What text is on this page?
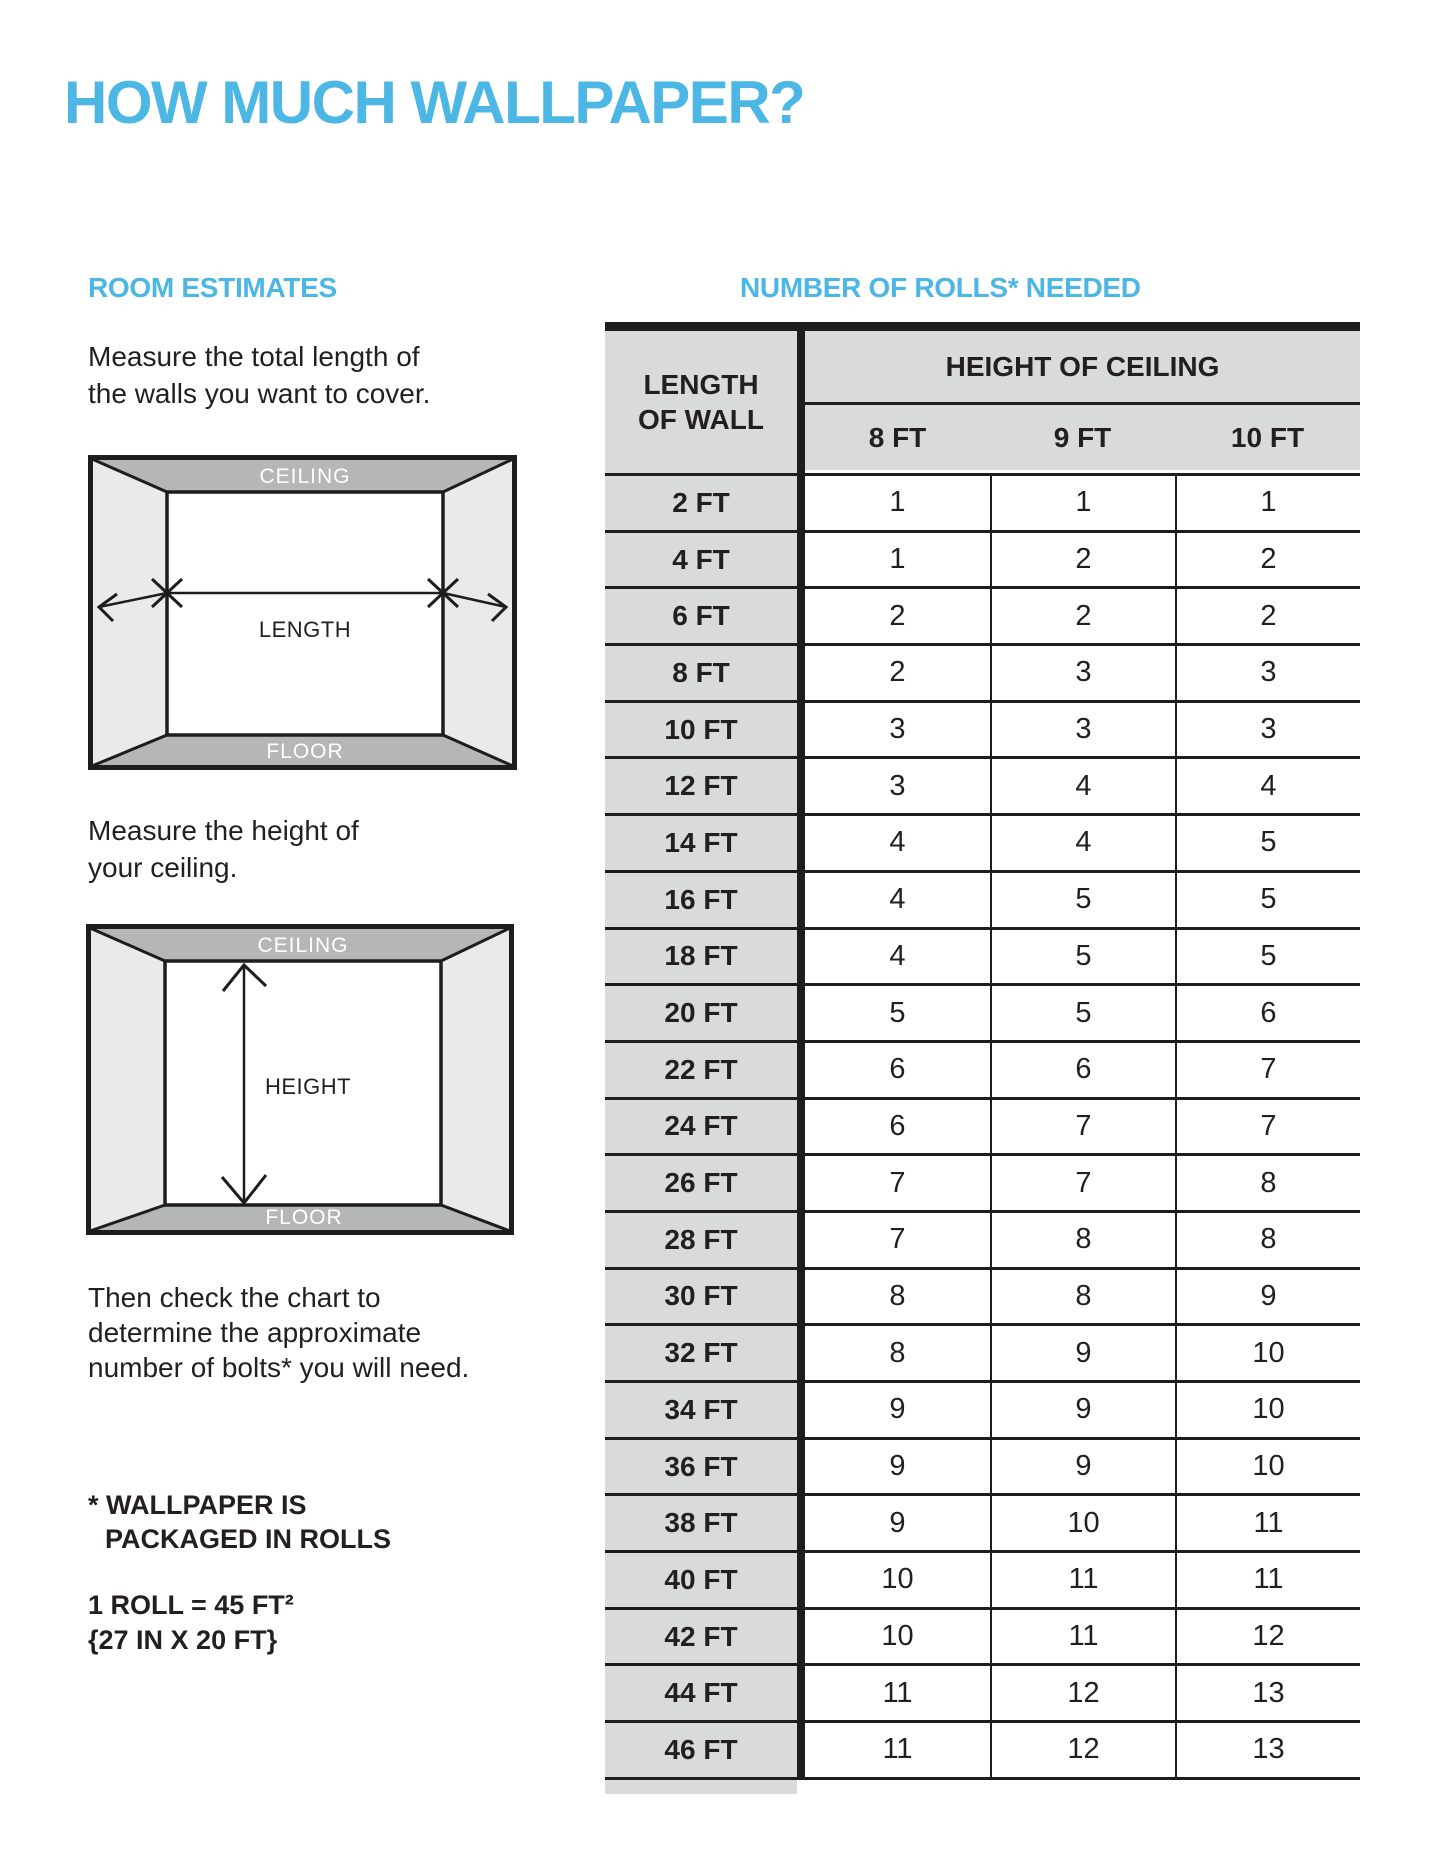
HOW MUCH WALLPAPER?
ROOM ESTIMATES	NUMBER OF ROLLS* NEEDED
Measure the total length of
the walls you want to cover.
CEILING
FLOOR
LENGTH
Measure the height of
your ceiling.
CEILING
FLOOR
HEIGHT
Then check the chart to
determine the approximate
number of bolts* you will need.
* WALLPAPER IS
PACKAGED IN ROLLS
1 ROLL = 45 FT²
{27 IN X 20 FT}
LENGTH
OF WALL
HEIGHT OF CEILING
8 FT	9 FT	10 FT
2 FT	1	1	1
4 FT	1	2	2
6 FT	2	2	2
8 FT	2	3	3
10 FT	3	3	3
12 FT	3	4	4
14 FT	4	4	5
16 FT	4	5	5
18 FT	4	5	5
20 FT	5	5	6
22 FT	6	6	7
24 FT	6	7	7
26 FT	7	7	8
28 FT	7	8	8
30 FT	8	8	9
32 FT	8	9	10
34 FT	9	9	10
36 FT	9	9	10
38 FT	9	10	11
40 FT	10	11	11
42 FT	10	11	12
44 FT	11	12	13
46 FT	11	12	13
